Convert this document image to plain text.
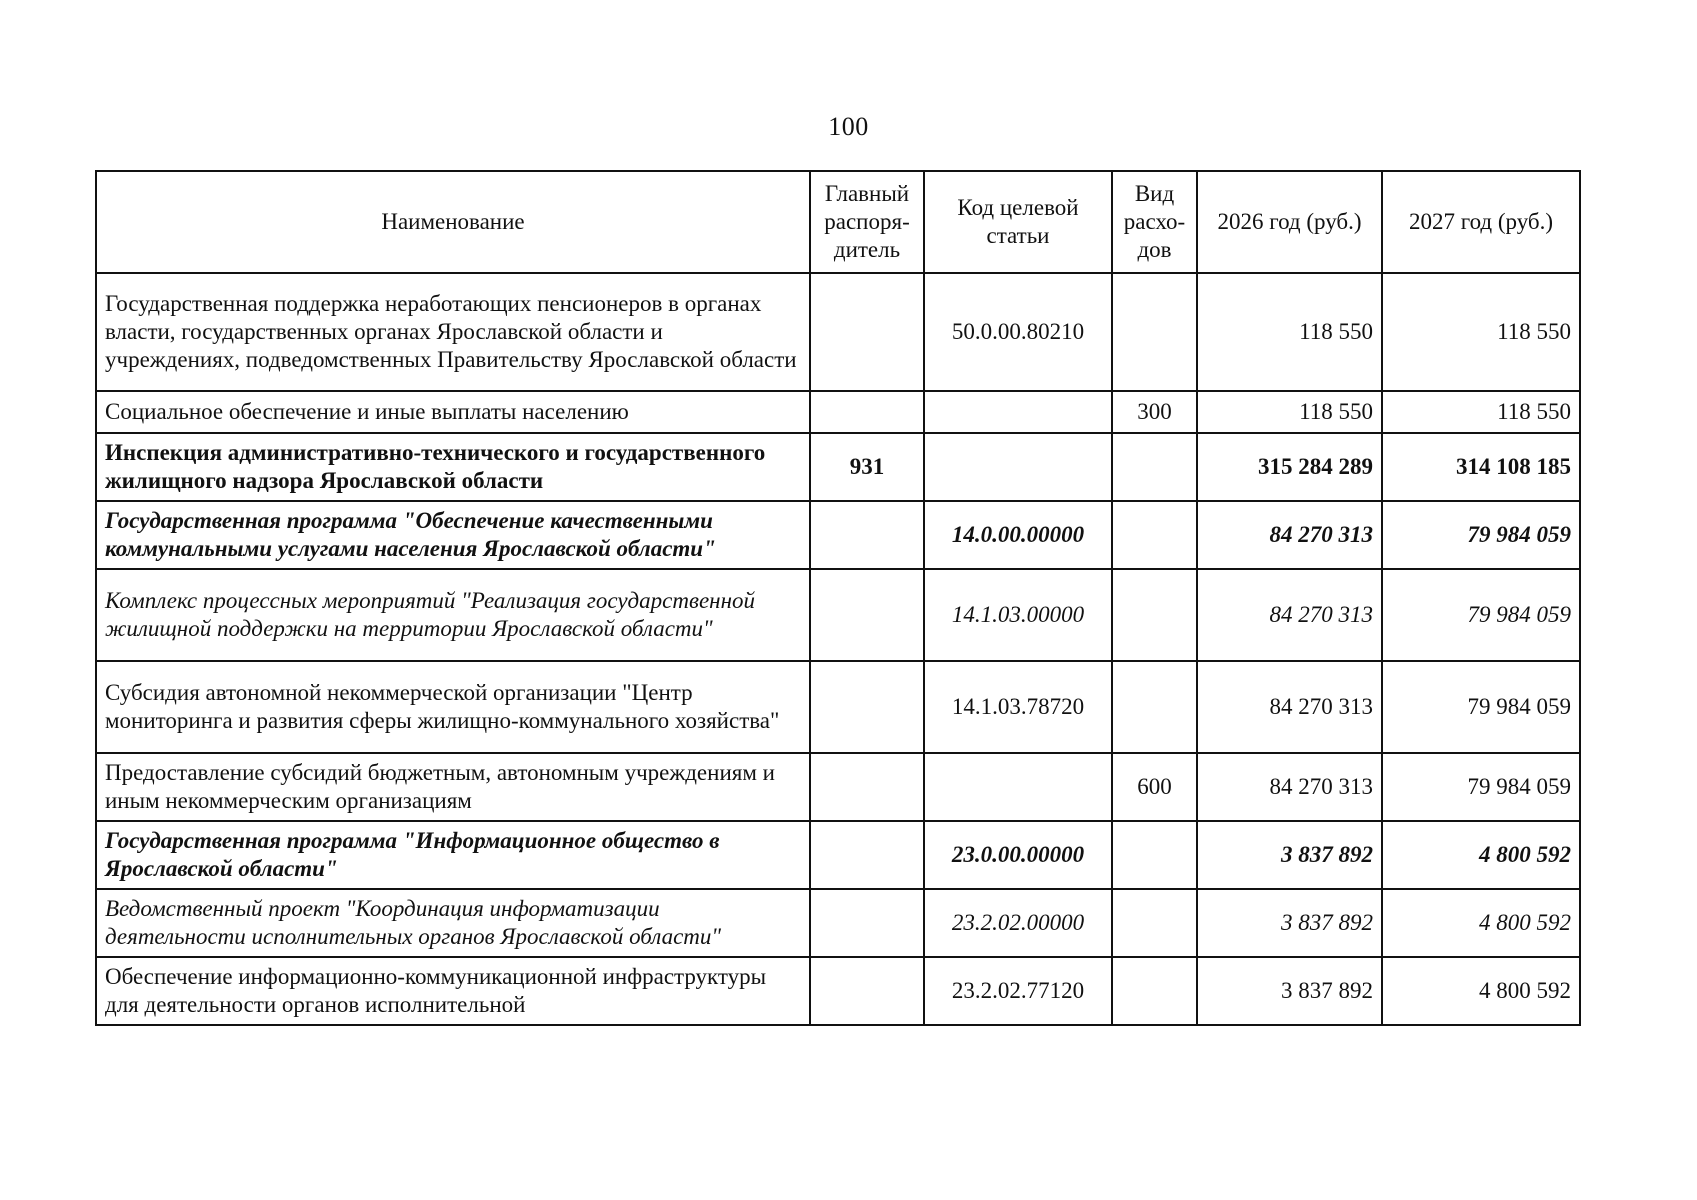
100
Наименование	Главный распоря-дитель	Код целевой статьи	Вид расхо-дов	2026 год (руб.)	2027 год (руб.)
Государственная поддержка неработающих пенсионеров в органах власти, государственных органах Ярославской области и учреждениях, подведомственных Правительству Ярославской области		50.0.00.80210		118 550	118 550
Социальное обеспечение и иные выплаты населению			300	118 550	118 550
Инспекция административно-технического и государственного жилищного надзора Ярославской области	931			315 284 289	314 108 185
Государственная программа "Обеспечение качественными коммунальными услугами населения Ярославской области"		14.0.00.00000		84 270 313	79 984 059
Комплекс процессных мероприятий "Реализация государственной жилищной поддержки на территории Ярославской области"		14.1.03.00000		84 270 313	79 984 059
Субсидия автономной некоммерческой организации "Центр мониторинга и развития сферы жилищно-коммунального хозяйства"		14.1.03.78720		84 270 313	79 984 059
Предоставление субсидий бюджетным, автономным учреждениям и иным некоммерческим организациям			600	84 270 313	79 984 059
Государственная программа "Информационное общество в Ярославской области"		23.0.00.00000		3 837 892	4 800 592
Ведомственный проект "Координация информатизации деятельности исполнительных органов Ярославской области"		23.2.02.00000		3 837 892	4 800 592
Обеспечение информационно-коммуникационной инфраструктуры для деятельности органов исполнительной		23.2.02.77120		3 837 892	4 800 592
